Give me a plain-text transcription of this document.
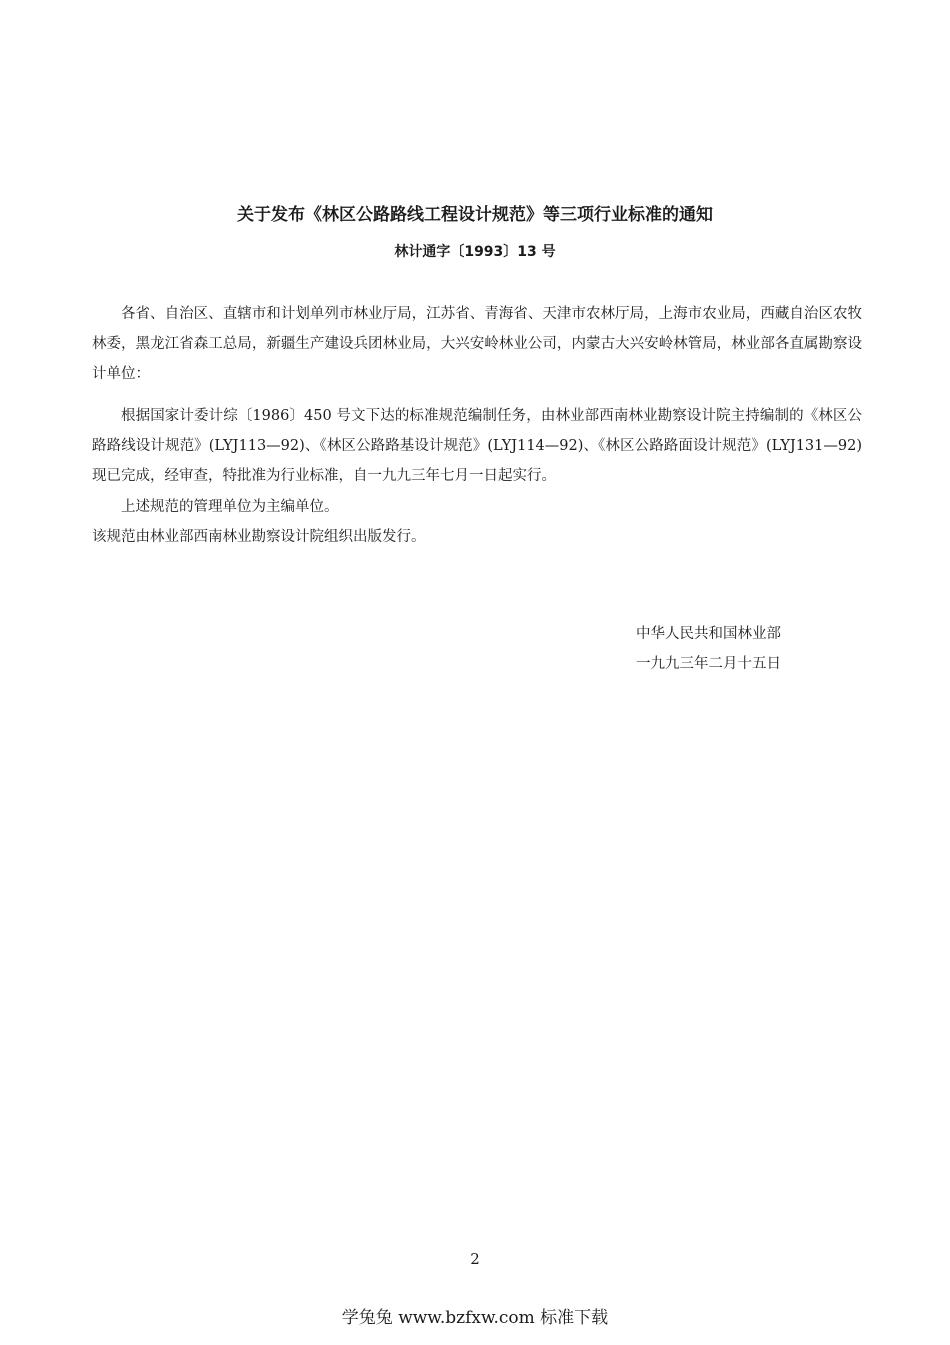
关于发布《林区公路路线工程设计规范》等三项行业标准的通知
林计通字〔1993〕13 号

各省、自治区、直辖市和计划单列市林业厅局，江苏省、青海省、天津市农林厅局，上海市农业局，西藏自治区农牧林委，黑龙江省森工总局，新疆生产建设兵团林业局，大兴安岭林业公司，内蒙古大兴安岭林管局，林业部各直属勘察设计单位：

根据国家计委计综〔1986〕450 号文下达的标准规范编制任务，由林业部西南林业勘察设计院主持编制的《林区公路路线设计规范》(LYJ113—92)、《林区公路路基设计规范》(LYJ114—92)、《林区公路路面设计规范》(LYJ131—92)现已完成，经审查，特批准为行业标准，自一九九三年七月一日起实行。

上述规范的管理单位为主编单位。

该规范由林业部西南林业勘察设计院组织出版发行。

中华人民共和国林业部
一九九三年二月十五日
2
学兔兔 www.bzfxw.com 标准下载
